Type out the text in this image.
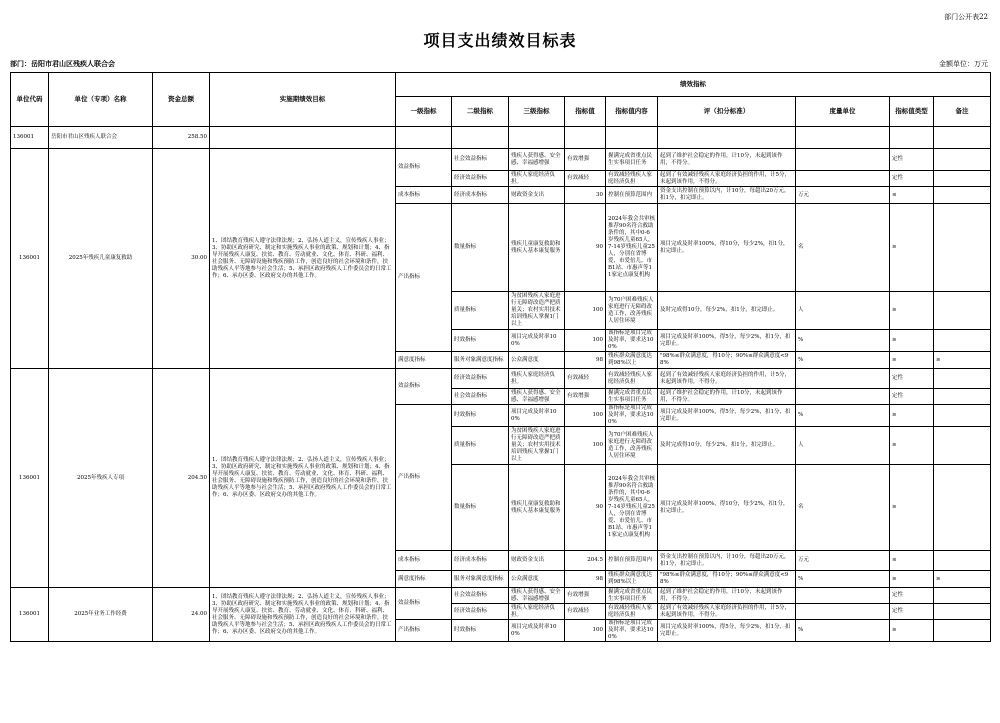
部门公开表22
项目支出绩效目标表
部门：岳阳市君山区残疾人联合会	金额单位：万元
单位代码	单位（专项）名称	资金总额	实施期绩效目标	绩效指标								
				一级指标	二级指标	三级指标	指标值	指标值内容	评（扣分标准）	度量单位	指标值类型	备注
136001	岳阳市君山区残疾人联合会	258.50										
136001	2025年残疾儿童康复救助	30.00	1、团结教育残疾人遵守法律法规；2、弘扬人道主义，宣传残疾人事业；3、协助区政府研究、制定和实施残疾人事业的政策、规划和计划；4、指导开展残疾人康复、扶贫、教育、劳动就业、文化、体育、科研、福利、社会服务、无障碍设施和残疾预防工作，创造良好的社会环境和条件，扶助残疾人平等地参与社会生活；5、承担区政府残疾人工作委员会的日常工作；6、承办区委、区政府交办的其他工作。	效益指标	社会效益指标	残疾人获得感、安全感、幸福感增强	有效增强	握满完成省重点民生实事项目任务	起到了维护社会稳定的作用，计10分，未起到该作用，不得分。		定性	
					经济效益指标	残疾人家庭经济负担。	有效减轻	有效减轻残疾人家庭经济负担	起到了有效减轻残疾人家庭经济负担的作用，计5分，未起到该作用，不得分。		定性	
				成本指标	经济成本指标	财政资金支出	30	控制在预算范围内	资金支出控制在预算以内，计10分，每超出20万元，扣1分，扣完即止。	万元	≤	
				产出指标	数量指标	残疾儿童康复救助和残疾人基本康复服务	90	2024年我会共审核推荐90名符合救助条件的，其中0-6岁残疾儿童65人，7-14岁残疾儿童25人，分别在省博爱、市爱倍儿、市B1站、市惠声等11家定点康复机构	项目完成及时率100%，得10分，每少2%，扣1分，扣完即止。	名	≥	
					质量指标	为贫困残疾人家庭进行无障碍改造严把质量关；农村实用技术培训残疾人掌握1门以上	100	为70户困难残疾人家庭进行无障碍改造工作，改善残疾人居住环境	及时完成得10分，每少2%，扣1分，扣完即止。	人	≥	
					时效指标	项目完成及时率100%	100	该指标是项目完成及时率，要求达100%	项目完成及时率100%，得5分，每少2%，扣1分，扣完即止。	%	≥	
				满意度指标	服务对象满意度指标	公众满意度	98	残疾群众满意度达到98%以上	"98%≤群众满意度，得10分；90%≤群众满意度<98%	%	≥	≥
136001	2025年残疾人专项	204.50	1、团结教育残疾人遵守法律法规；2、弘扬人道主义，宣传残疾人事业；3、协助区政府研究、制定和实施残疾人事业的政策、规划和计划；4、指导开展残疾人康复、扶贫、教育、劳动就业、文化、体育、科研、福利、社会服务、无障碍设施和残疾预防工作，创造良好的社会环境和条件，扶助残疾人平等地参与社会生活；5、承担区政府残疾人工作委员会的日常工作；6、承办区委、区政府交办的其他工作。	效益指标	经济效益指标	残疾人家庭经济负担。	有效减轻	有效减轻残疾人家庭经济负担	起到了有效减轻残疾人家庭经济负担的作用，计5分，未起到该作用，不得分。		定性	
					社会效益指标	残疾人获得感、安全感、幸福感增强	有效增强	握满完成省重点民生实事项目任务	起到了维护社会稳定的作用，计10分，未起到该作用，不得分。		定性	
				产出指标	时效指标	项目完成及时率100%	100	该指标是项目完成及时率，要求达100%	项目完成及时率100%，得5分，每少2%，扣1分，扣完即止。	%	≥	
					质量指标	为贫困残疾人家庭进行无障碍改造严把质量关；农村实用技术培训残疾人掌握1门以上	100	为70户困难残疾人家庭进行无障碍改造工作，改善残疾人居住环境	及时完成得10分，每少2%，扣1分，扣完即止。	人	≥	
					数量指标	残疾儿童康复救助和残疾人基本康复服务	90	2024年我会共审核推荐90名符合救助条件的，其中0-6岁残疾儿童65人，7-14岁残疾儿童25人，分别在省博爱、市爱倍儿、市B1站、市惠声等11家定点康复机构	项目完成及时率100%，得10分，每少2%，扣1分，扣完即止。	名	≥	
				成本指标	经济成本指标	财政资金支出	204.5	控制在预算范围内	资金支出控制在预算以内，计10分，每超出20万元，扣1分，扣完即止。	万元	≤	
				满意度指标	服务对象满意度指标	公众满意度	98	残疾群众满意度达到98%以上	"98%≤群众满意度，得10分；90%≤群众满意度<98%	%	≥	≥
136001	2025年业务工作经费	24.00	1、团结教育残疾人遵守法律法规；2、弘扬人道主义，宣传残疾人事业；3、协助区政府研究、制定和实施残疾人事业的政策、规划和计划；4、指导开展残疾人康复、扶贫、教育、劳动就业、文化、体育、科研、福利、社会服务、无障碍设施和残疾预防工作，创造良好的社会环境和条件，扶助残疾人平等地参与社会生活；5、承担区政府残疾人工作委员会的日常工作；6、承办区委、区政府交办的其他工作。	效益指标	社会效益指标	残疾人获得感、安全感、幸福感增强	有效增强	握满完成省重点民生实事项目任务	起到了维护社会稳定的作用，计10分，未起到该作用，不得分。		定性	
					经济效益指标	残疾人家庭经济负担。	有效减轻	有效减轻残疾人家庭经济负担	起到了有效减轻残疾人家庭经济负担的作用，计5分，未起到该作用，不得分。		定性	
				产出指标	时效指标	项目完成及时率100%	100	该指标是项目完成及时率，要求达100%	项目完成及时率100%，得5分，每少2%，扣1分，扣完即止。	%	≥	
